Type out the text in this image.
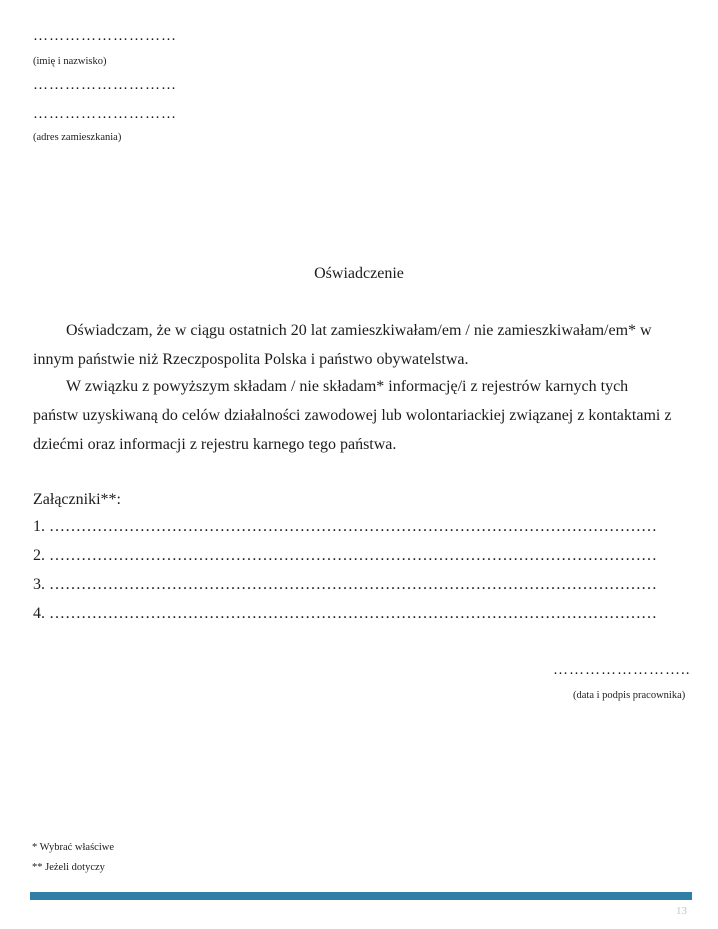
………………………
(imię i nazwisko)
………………………
………………………
(adres zamieszkania)
Oświadczenie
Oświadczam, że w ciągu ostatnich 20 lat zamieszkiwałam/em / nie zamieszkiwałam/em* w
innym państwie niż Rzeczpospolita Polska i państwo obywatelstwa.
W związku z powyższym składam / nie składam* informację/i z rejestrów karnych tych
państw uzyskiwaną do celów działalności zawodowej lub wolontariackiej związanej z kontaktami z
dziećmi oraz informacji z rejestru karnego tego państwa.
Załączniki**:
1. ……………………………………………………………………………………………………
2. ……………………………………………………………………………………………………
3. ……………………………………………………………………………………………………
4. ……………………………………………………………………………………………………
……………………..
(data i podpis pracownika)
* Wybrać właściwe
** Jeżeli dotyczy
13
